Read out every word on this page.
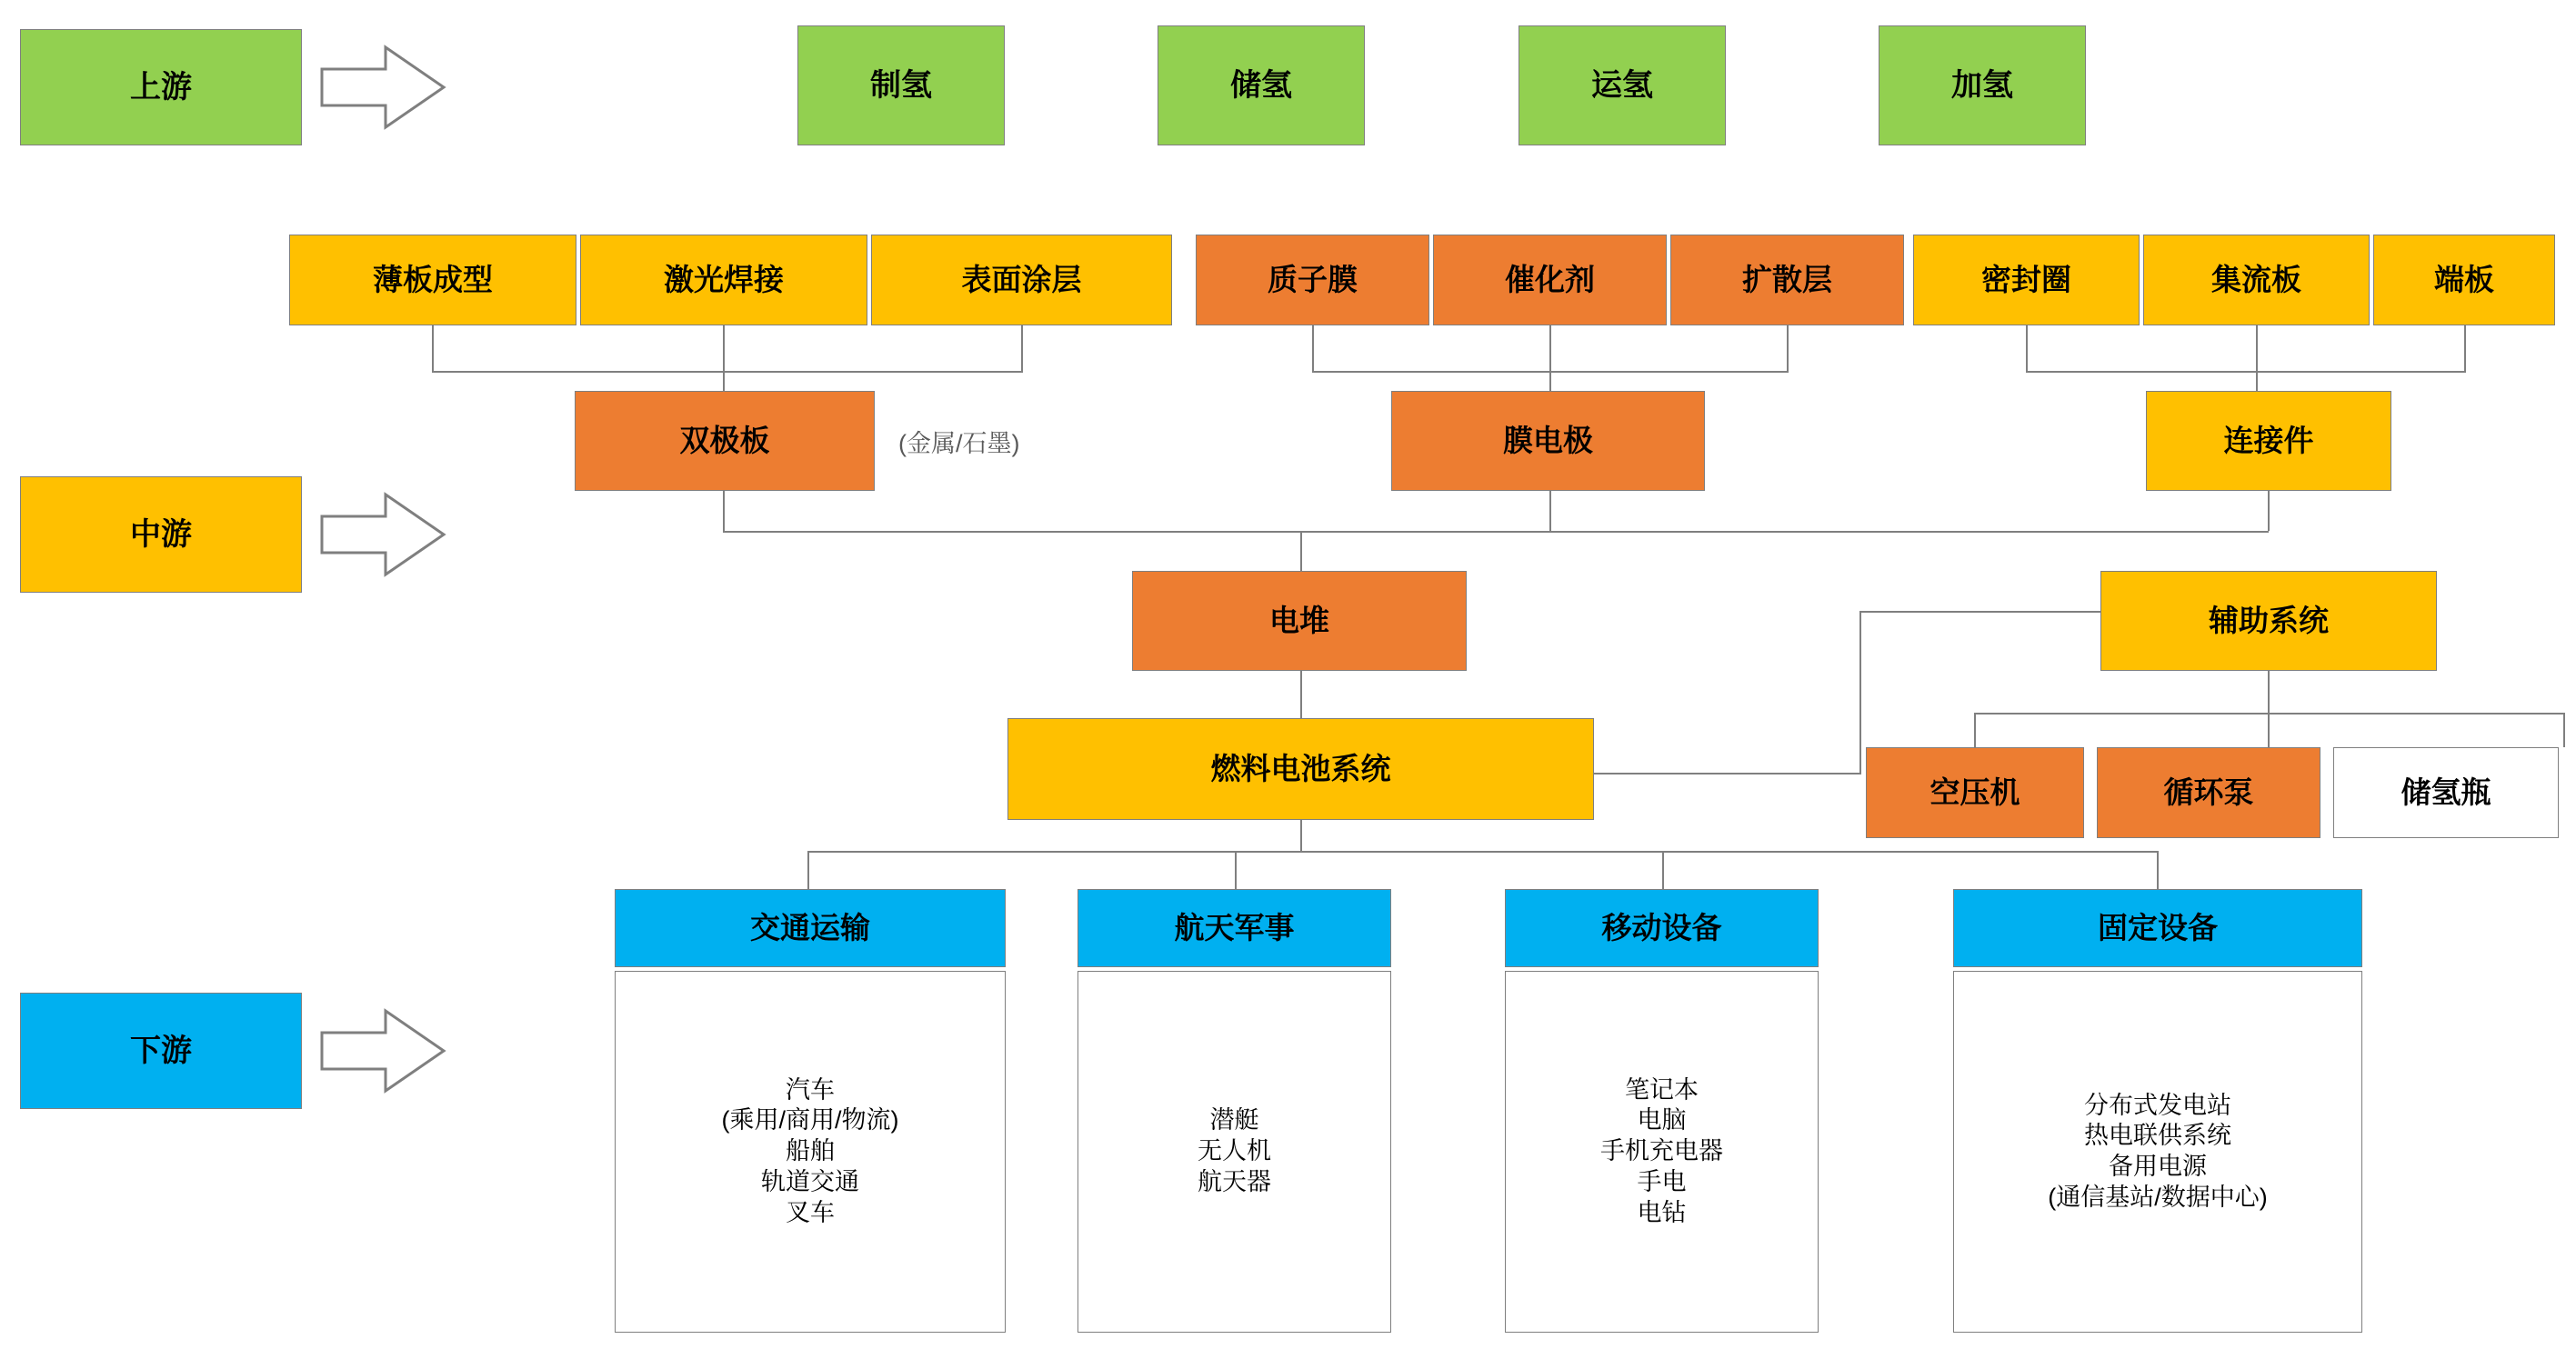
上游
中游
下游
制氢	储氢	运氢	加氢
薄板成型	激光焊接	表面涂层	质子膜	催化剂	扩散层	密封圈	集流板	端板
双极板	(金属/石墨)	膜电极	连接件
电堆	辅助系统
空压机	循环泵	储氢瓶
燃料电池系统
交通运输
汽车
(乘用/商用/物流)
船舶
轨道交通
叉车
航天军事
潜艇
无人机
航天器
移动设备
笔记本
电脑
手机充电器
手电
电钻
固定设备
分布式发电站
热电联供系统
备用电源
(通信基站/数据中心)
